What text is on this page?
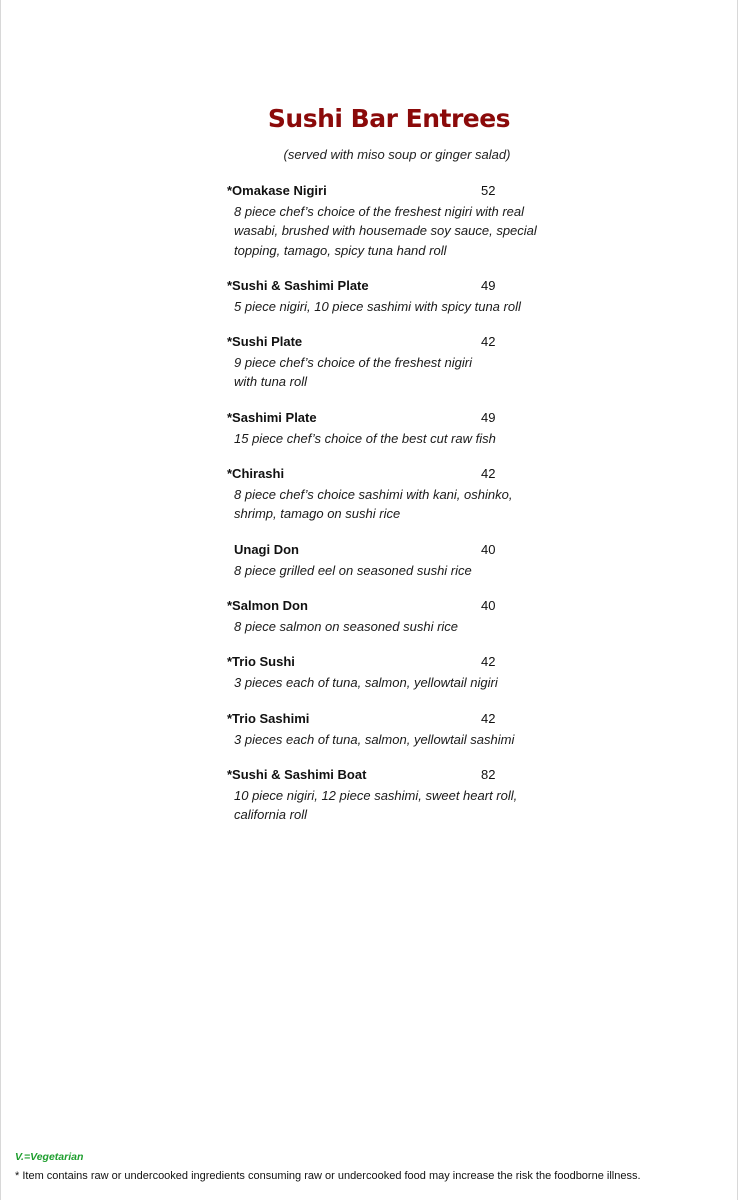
Sushi Bar Entrees
(served with miso soup or ginger salad)
*Omakase Nigiri	52
8 piece chef’s choice of the freshest nigiri with real
wasabi, brushed with housemade soy sauce, special
topping, tamago, spicy tuna hand roll
*Sushi & Sashimi Plate	49
5 piece nigiri, 10 piece sashimi with spicy tuna roll
*Sushi Plate	42
9 piece chef’s choice of the freshest nigiri
with tuna roll
*Sashimi Plate	49
15 piece chef’s choice of the best cut raw fish
*Chirashi	42
8 piece chef’s choice sashimi with kani, oshinko,
shrimp, tamago on sushi rice
Unagi Don	40
8 piece grilled eel on seasoned sushi rice
*Salmon Don	40
8 piece salmon on seasoned sushi rice
*Trio Sushi	42
3 pieces each of tuna, salmon, yellowtail nigiri
*Trio Sashimi	42
3 pieces each of tuna, salmon, yellowtail sashimi
*Sushi & Sashimi Boat	82
10 piece nigiri, 12 piece sashimi, sweet heart roll,
california roll
V.=Vegetarian
* Item contains raw or undercooked ingredients consuming raw or undercooked food may increase the risk the foodborne illness.
